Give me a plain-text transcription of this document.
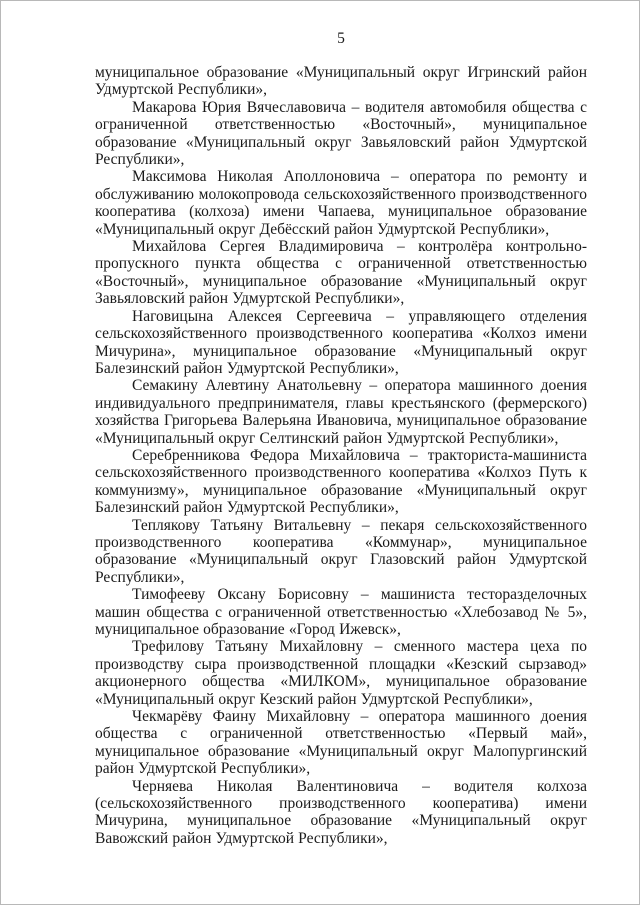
5

муниципальное образование «Муниципальный округ Игринский район Удмуртской Республики»,

Макарова Юрия Вячеславовича – водителя автомобиля общества с ограниченной ответственностью «Восточный», муниципальное образование «Муниципальный округ Завьяловский район Удмуртской Республики»,

Максимова Николая Аполлоновича – оператора по ремонту и обслуживанию молокопровода сельскохозяйственного производственного кооператива (колхоза) имени Чапаева, муниципальное образование «Муниципальный округ Дебёсский район Удмуртской Республики»,

Михайлова Сергея Владимировича – контролёра контрольно-пропускного пункта общества с ограниченной ответственностью «Восточный», муниципальное образование «Муниципальный округ Завьяловский район Удмуртской Республики»,

Наговицына Алексея Сергеевича – управляющего отделения сельскохозяйственного производственного кооператива «Колхоз имени Мичурина», муниципальное образование «Муниципальный округ Балезинский район Удмуртской Республики»,

Семакину Алевтину Анатольевну – оператора машинного доения индивидуального предпринимателя, главы крестьянского (фермерского) хозяйства Григорьева Валерьяна Ивановича, муниципальное образование «Муниципальный округ Селтинский район Удмуртской Республики»,

Серебренникова Федора Михайловича – тракториста-машиниста сельскохозяйственного производственного кооператива «Колхоз Путь к коммунизму», муниципальное образование «Муниципальный округ Балезинский район Удмуртской Республики»,

Теплякову Татьяну Витальевну – пекаря сельскохозяйственного производственного кооператива «Коммунар», муниципальное образование «Муниципальный округ Глазовский район Удмуртской Республики»,

Тимофееву Оксану Борисовну – машиниста тесторазделочных машин общества с ограниченной ответственностью «Хлебозавод № 5», муниципальное образование «Город Ижевск»,

Трефилову Татьяну Михайловну – сменного мастера цеха по производству сыра производственной площадки «Кезский сырзавод» акционерного общества «МИЛКОМ», муниципальное образование «Муниципальный округ Кезский район Удмуртской Республики»,

Чекмарёву Фаину Михайловну – оператора машинного доения общества с ограниченной ответственностью «Первый май», муниципальное образование «Муниципальный округ Малопургинский район Удмуртской Республики»,

Черняева Николая Валентиновича – водителя колхоза (сельскохозяйственного производственного кооператива) имени Мичурина, муниципальное образование «Муниципальный округ Вавожский район Удмуртской Республики»,
